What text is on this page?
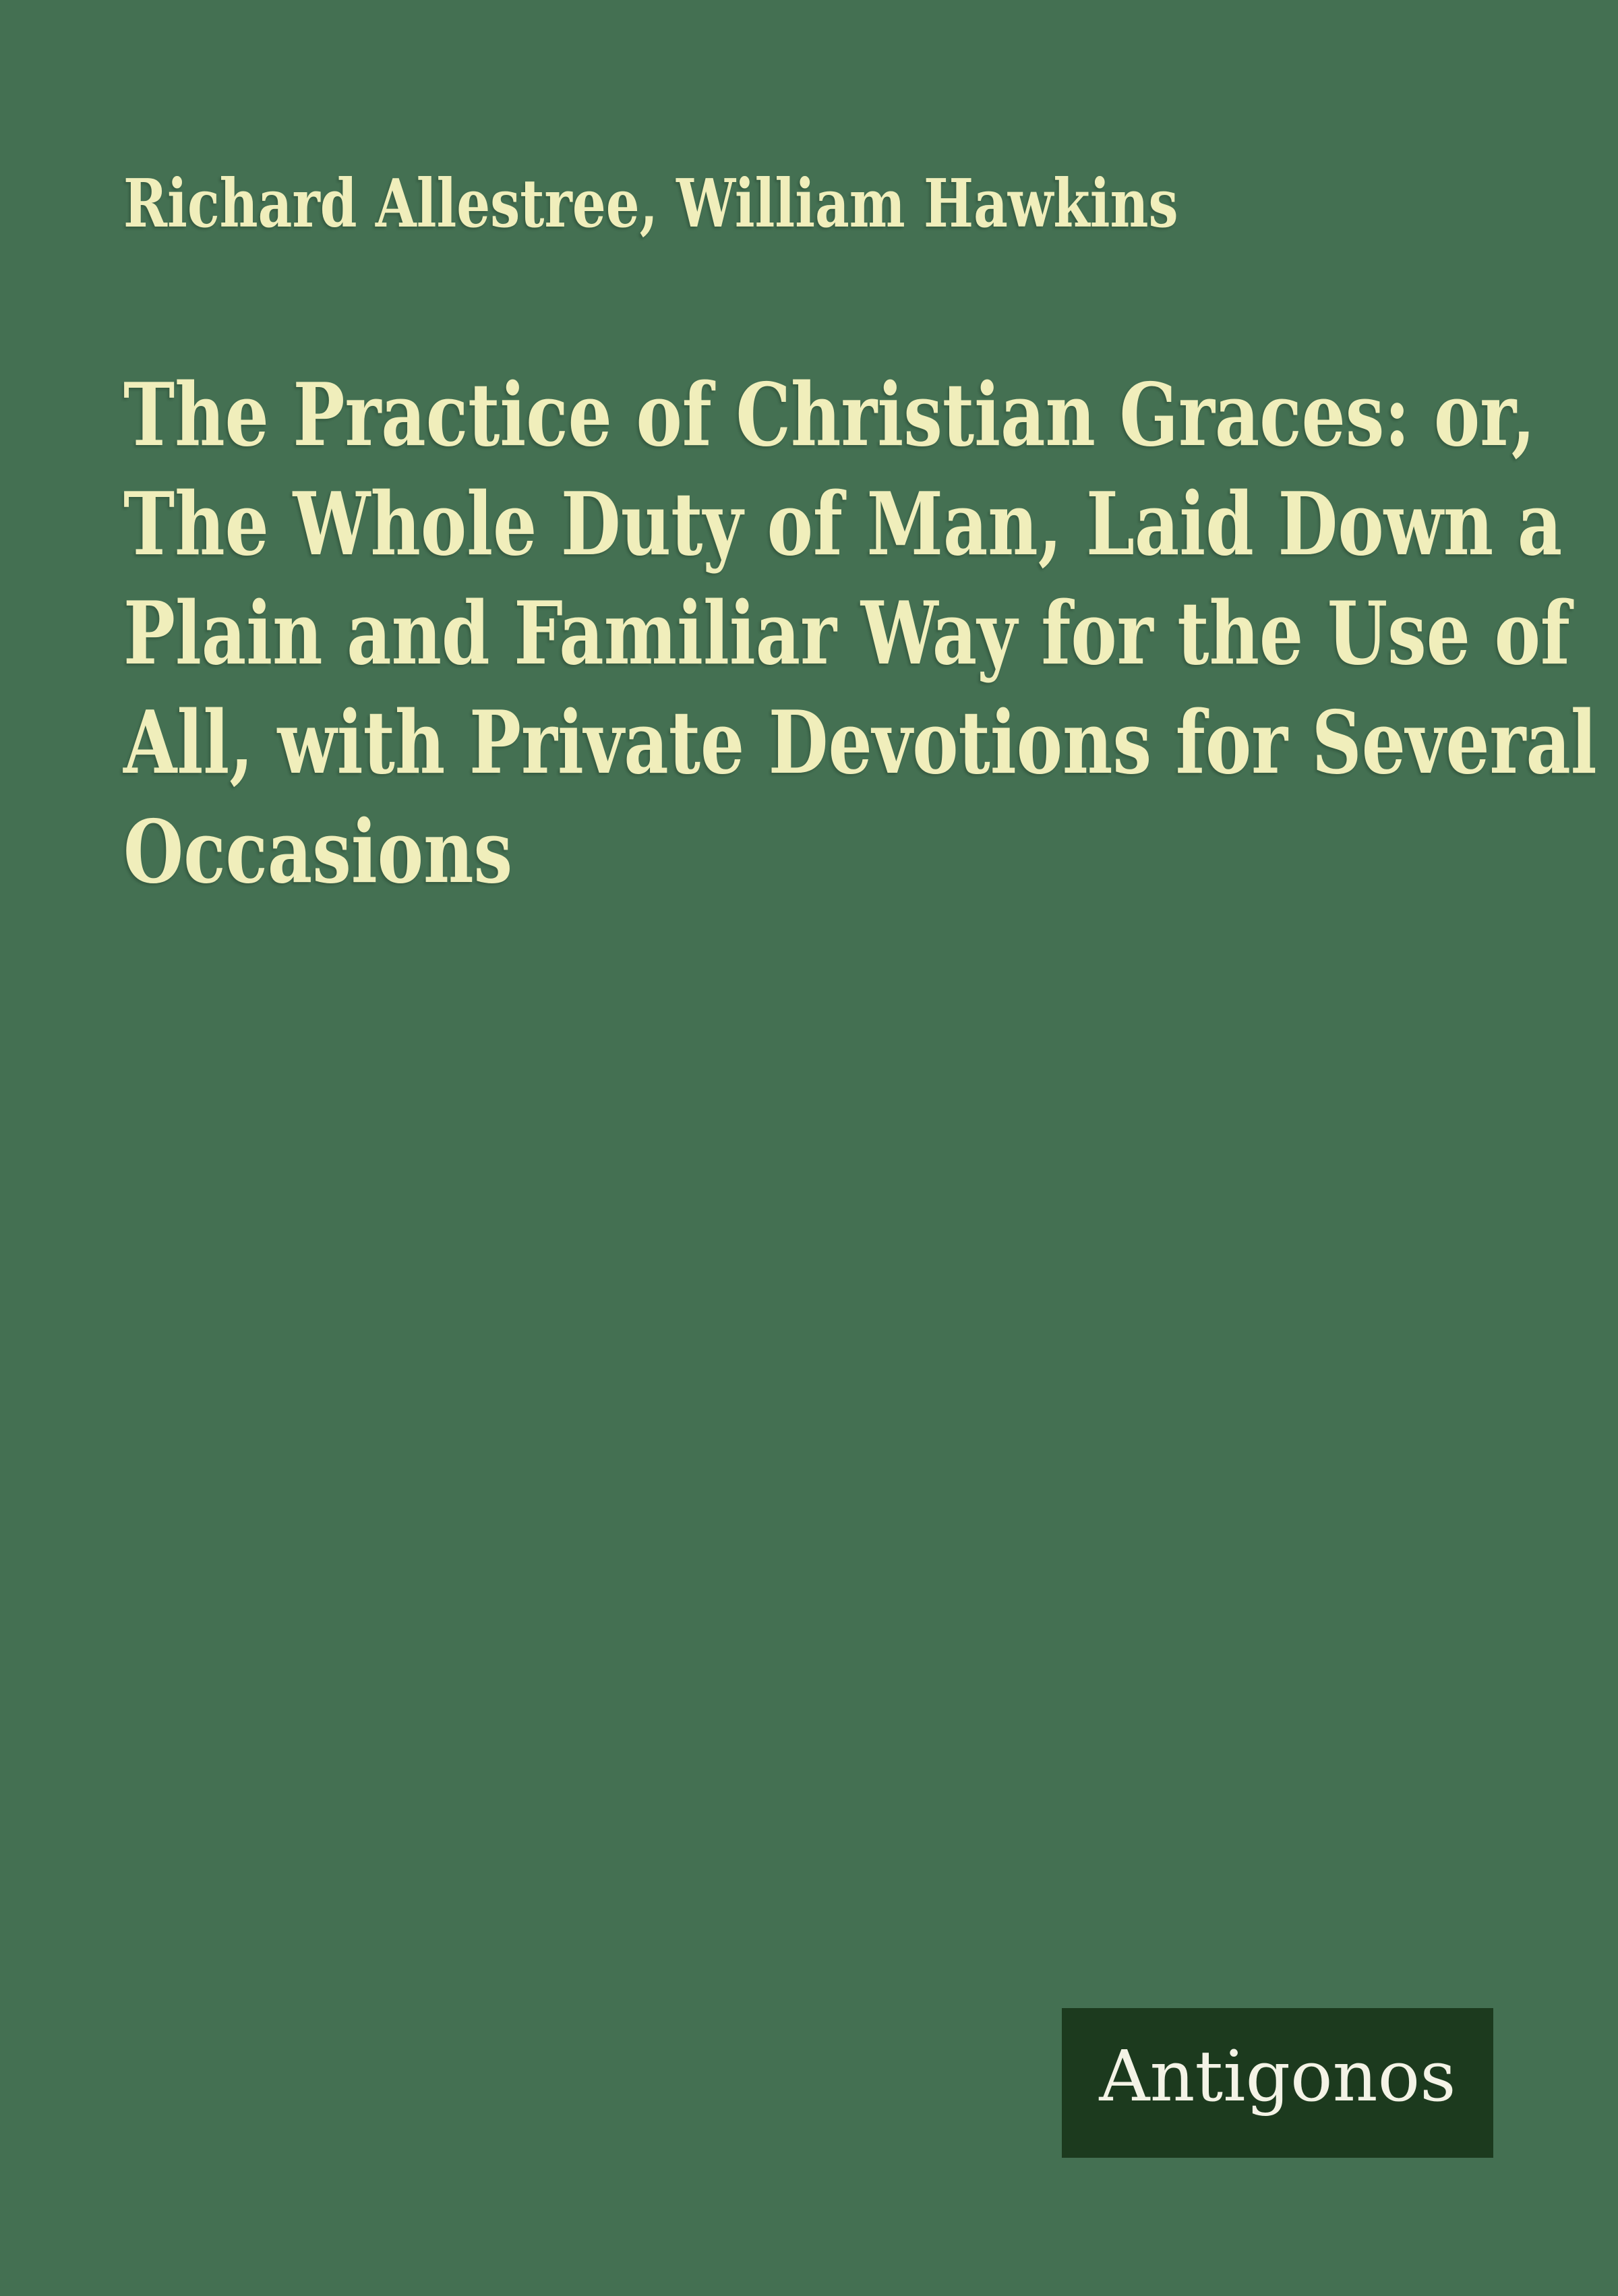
Richard Allestree, William Hawkins
The Practice of Christian Graces: or,
The Whole Duty of Man, Laid Down a
Plain and Familiar Way for the Use of
All, with Private Devotions for Several
Occasions
Antigonos
